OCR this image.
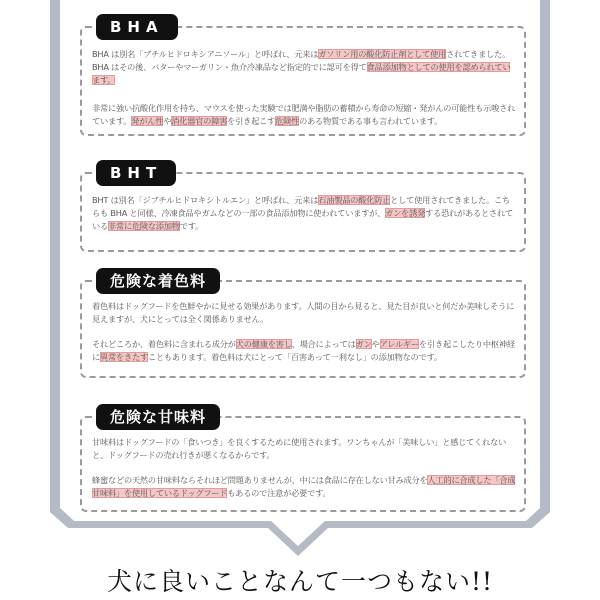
BHA
BHA は別名「ブチルヒドロキシアニソール」と呼ばれ、元来はガソリン用の酸化防止剤として使用されてきました。BHA はその後、バターやマーガリン・魚介冷凍品など指定的でに認可を得て食品添加物としての使用を認められています。
非常に強い抗酸化作用を持ち、マウスを使った実験では肥満や脂肪の蓄積から寿命の短縮・発がんの可能性も示唆されています。発がん性や消化器官の障害を引き起こす危険性のある物質である事も言われています。
BHT
BHT は別名「ジブチルヒドロキシトルエン」と呼ばれ、元来は石油製品の酸化防止として使用されてきました。こちらも BHA と同様、冷凍食品やガムなどの一部の食品添加物に使われていますが、ガンを誘発する恐れがあるとされている非常に危険な添加物です。
危険な着色料
着色料はドッグフードを色鮮やかに見せる効果があります。人間の目から見ると、見た目が良いと何だか美味しそうに見えますが、犬にとっては全く関係ありません。
それどころか、着色料に含まれる成分が犬の健康を害し、場合によってはガンやアレルギーを引き起こしたり中枢神経に異常をきたすこともあります。着色料は犬にとって「百害あって一利なし」の添加物なのです。
危険な甘味料
甘味料はドッグフードの「食いつき」を良くするために使用されます。ワンちゃんが「美味しい」と感じてくれないと、ドッグフードの売れ行きが悪くなるからです。
蜂蜜などの天然の甘味料ならそれほど問題ありませんが、中には食品に存在しない甘み成分を人工的に合成した「合成甘味料」を使用しているドッグフードもあるので注意が必要です。
犬に良いことなんて一つもない!!
